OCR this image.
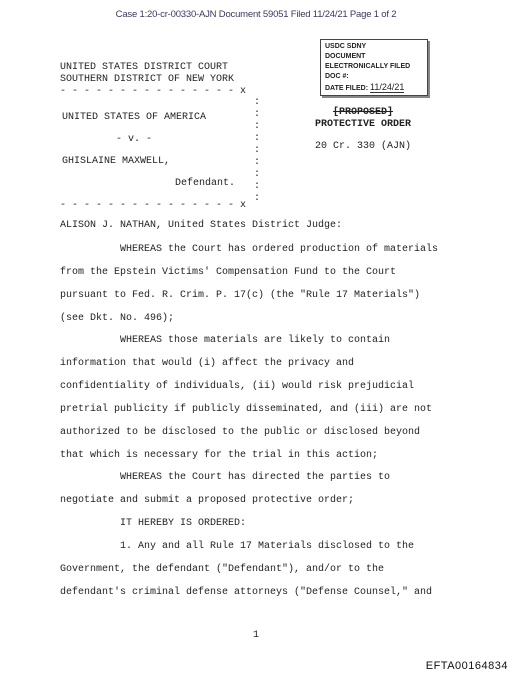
Case 1:20-cr-00330-AJN Document 59051 Filed 11/24/21 Page 1 of 2
USDC SDNY
DOCUMENT
ELECTRONICALLY FILED
DOC #:
DATE FILED: 11/24/21
UNITED STATES DISTRICT COURT
SOUTHERN DISTRICT OF NEW YORK
- - - - - - - - - - - - - - - x
UNITED STATES OF AMERICA
- v. -
GHISLAINE MAXWELL,
Defendant.
- - - - - - - - - - - - - - - x
:
:
:
:
:
:
:
:
:
[PROPOSED]
PROTECTIVE ORDER
20 Cr. 330 (AJN)
ALISON J. NATHAN, United States District Judge:
WHEREAS the Court has ordered production of materials
from the Epstein Victims' Compensation Fund to the Court
pursuant to Fed. R. Crim. P. 17(c) (the "Rule 17 Materials")
(see Dkt. No. 496);
WHEREAS those materials are likely to contain
information that would (i) affect the privacy and
confidentiality of individuals, (ii) would risk prejudicial
pretrial publicity if publicly disseminated, and (iii) are not
authorized to be disclosed to the public or disclosed beyond
that which is necessary for the trial in this action;
WHEREAS the Court has directed the parties to
negotiate and submit a proposed protective order;
IT HEREBY IS ORDERED:
1. Any and all Rule 17 Materials disclosed to the
Government, the defendant ("Defendant"), and/or to the
defendant's criminal defense attorneys ("Defense Counsel," and
1
EFTA00164834
